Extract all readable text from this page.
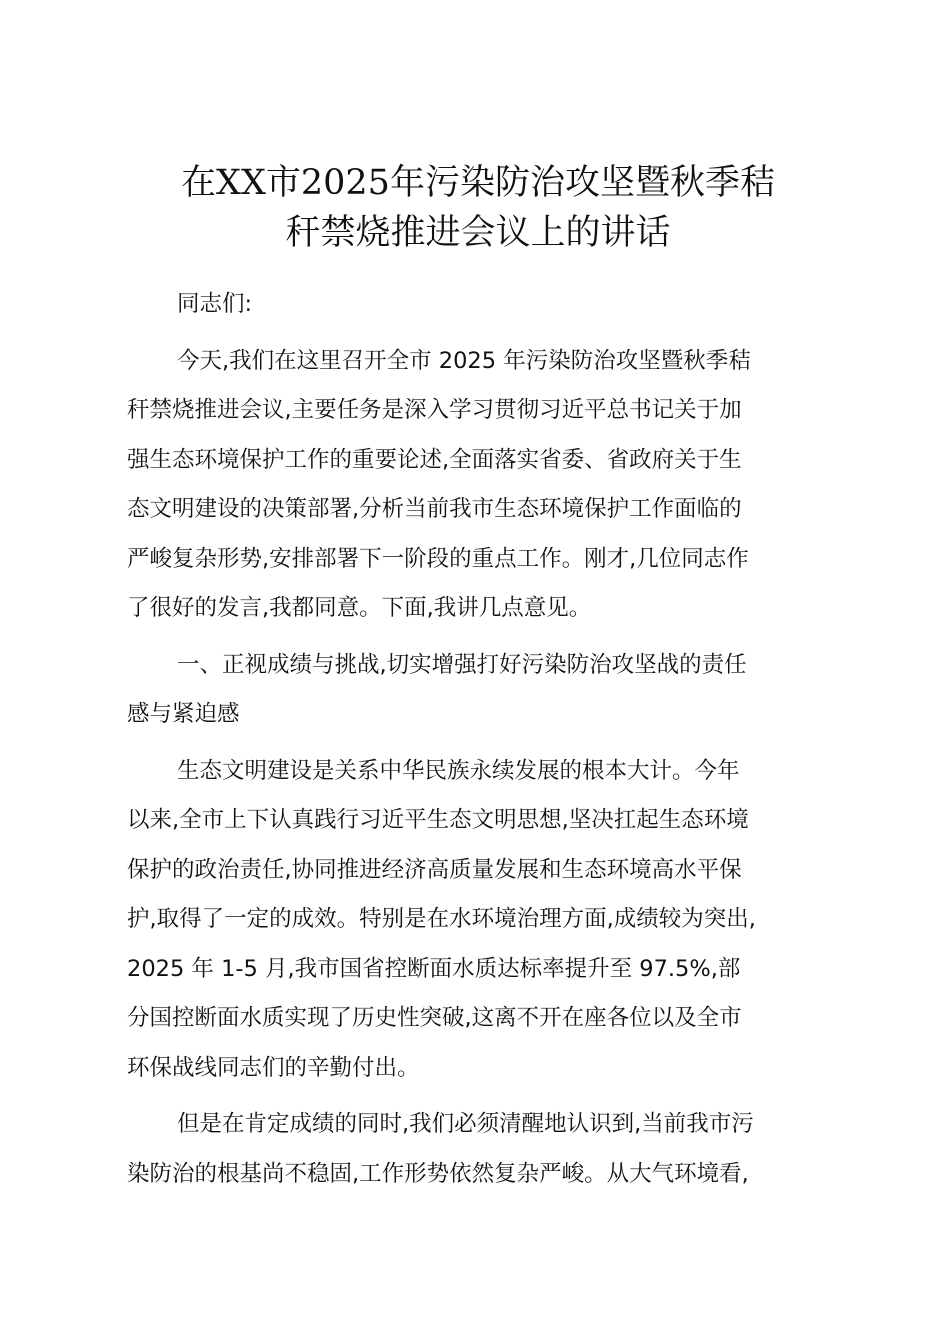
在XX市2025年污染防治攻坚暨秋季秸
秆禁烧推进会议上的讲话
同志们:
今天,我们在这里召开全市 2025 年污染防治攻坚暨秋季秸
秆禁烧推进会议,主要任务是深入学习贯彻习近平总书记关于加
强生态环境保护工作的重要论述,全面落实省委、省政府关于生
态文明建设的决策部署,分析当前我市生态环境保护工作面临的
严峻复杂形势,安排部署下一阶段的重点工作。刚才,几位同志作
了很好的发言,我都同意。下面,我讲几点意见。
一、正视成绩与挑战,切实增强打好污染防治攻坚战的责任
感与紧迫感
生态文明建设是关系中华民族永续发展的根本大计。今年
以来,全市上下认真践行习近平生态文明思想,坚决扛起生态环境
保护的政治责任,协同推进经济高质量发展和生态环境高水平保
护,取得了一定的成效。特别是在水环境治理方面,成绩较为突出,
2025 年 1-5 月,我市国省控断面水质达标率提升至 97.5%,部
分国控断面水质实现了历史性突破,这离不开在座各位以及全市
环保战线同志们的辛勤付出。
但是在肯定成绩的同时,我们必须清醒地认识到,当前我市污
染防治的根基尚不稳固,工作形势依然复杂严峻。从大气环境看,
